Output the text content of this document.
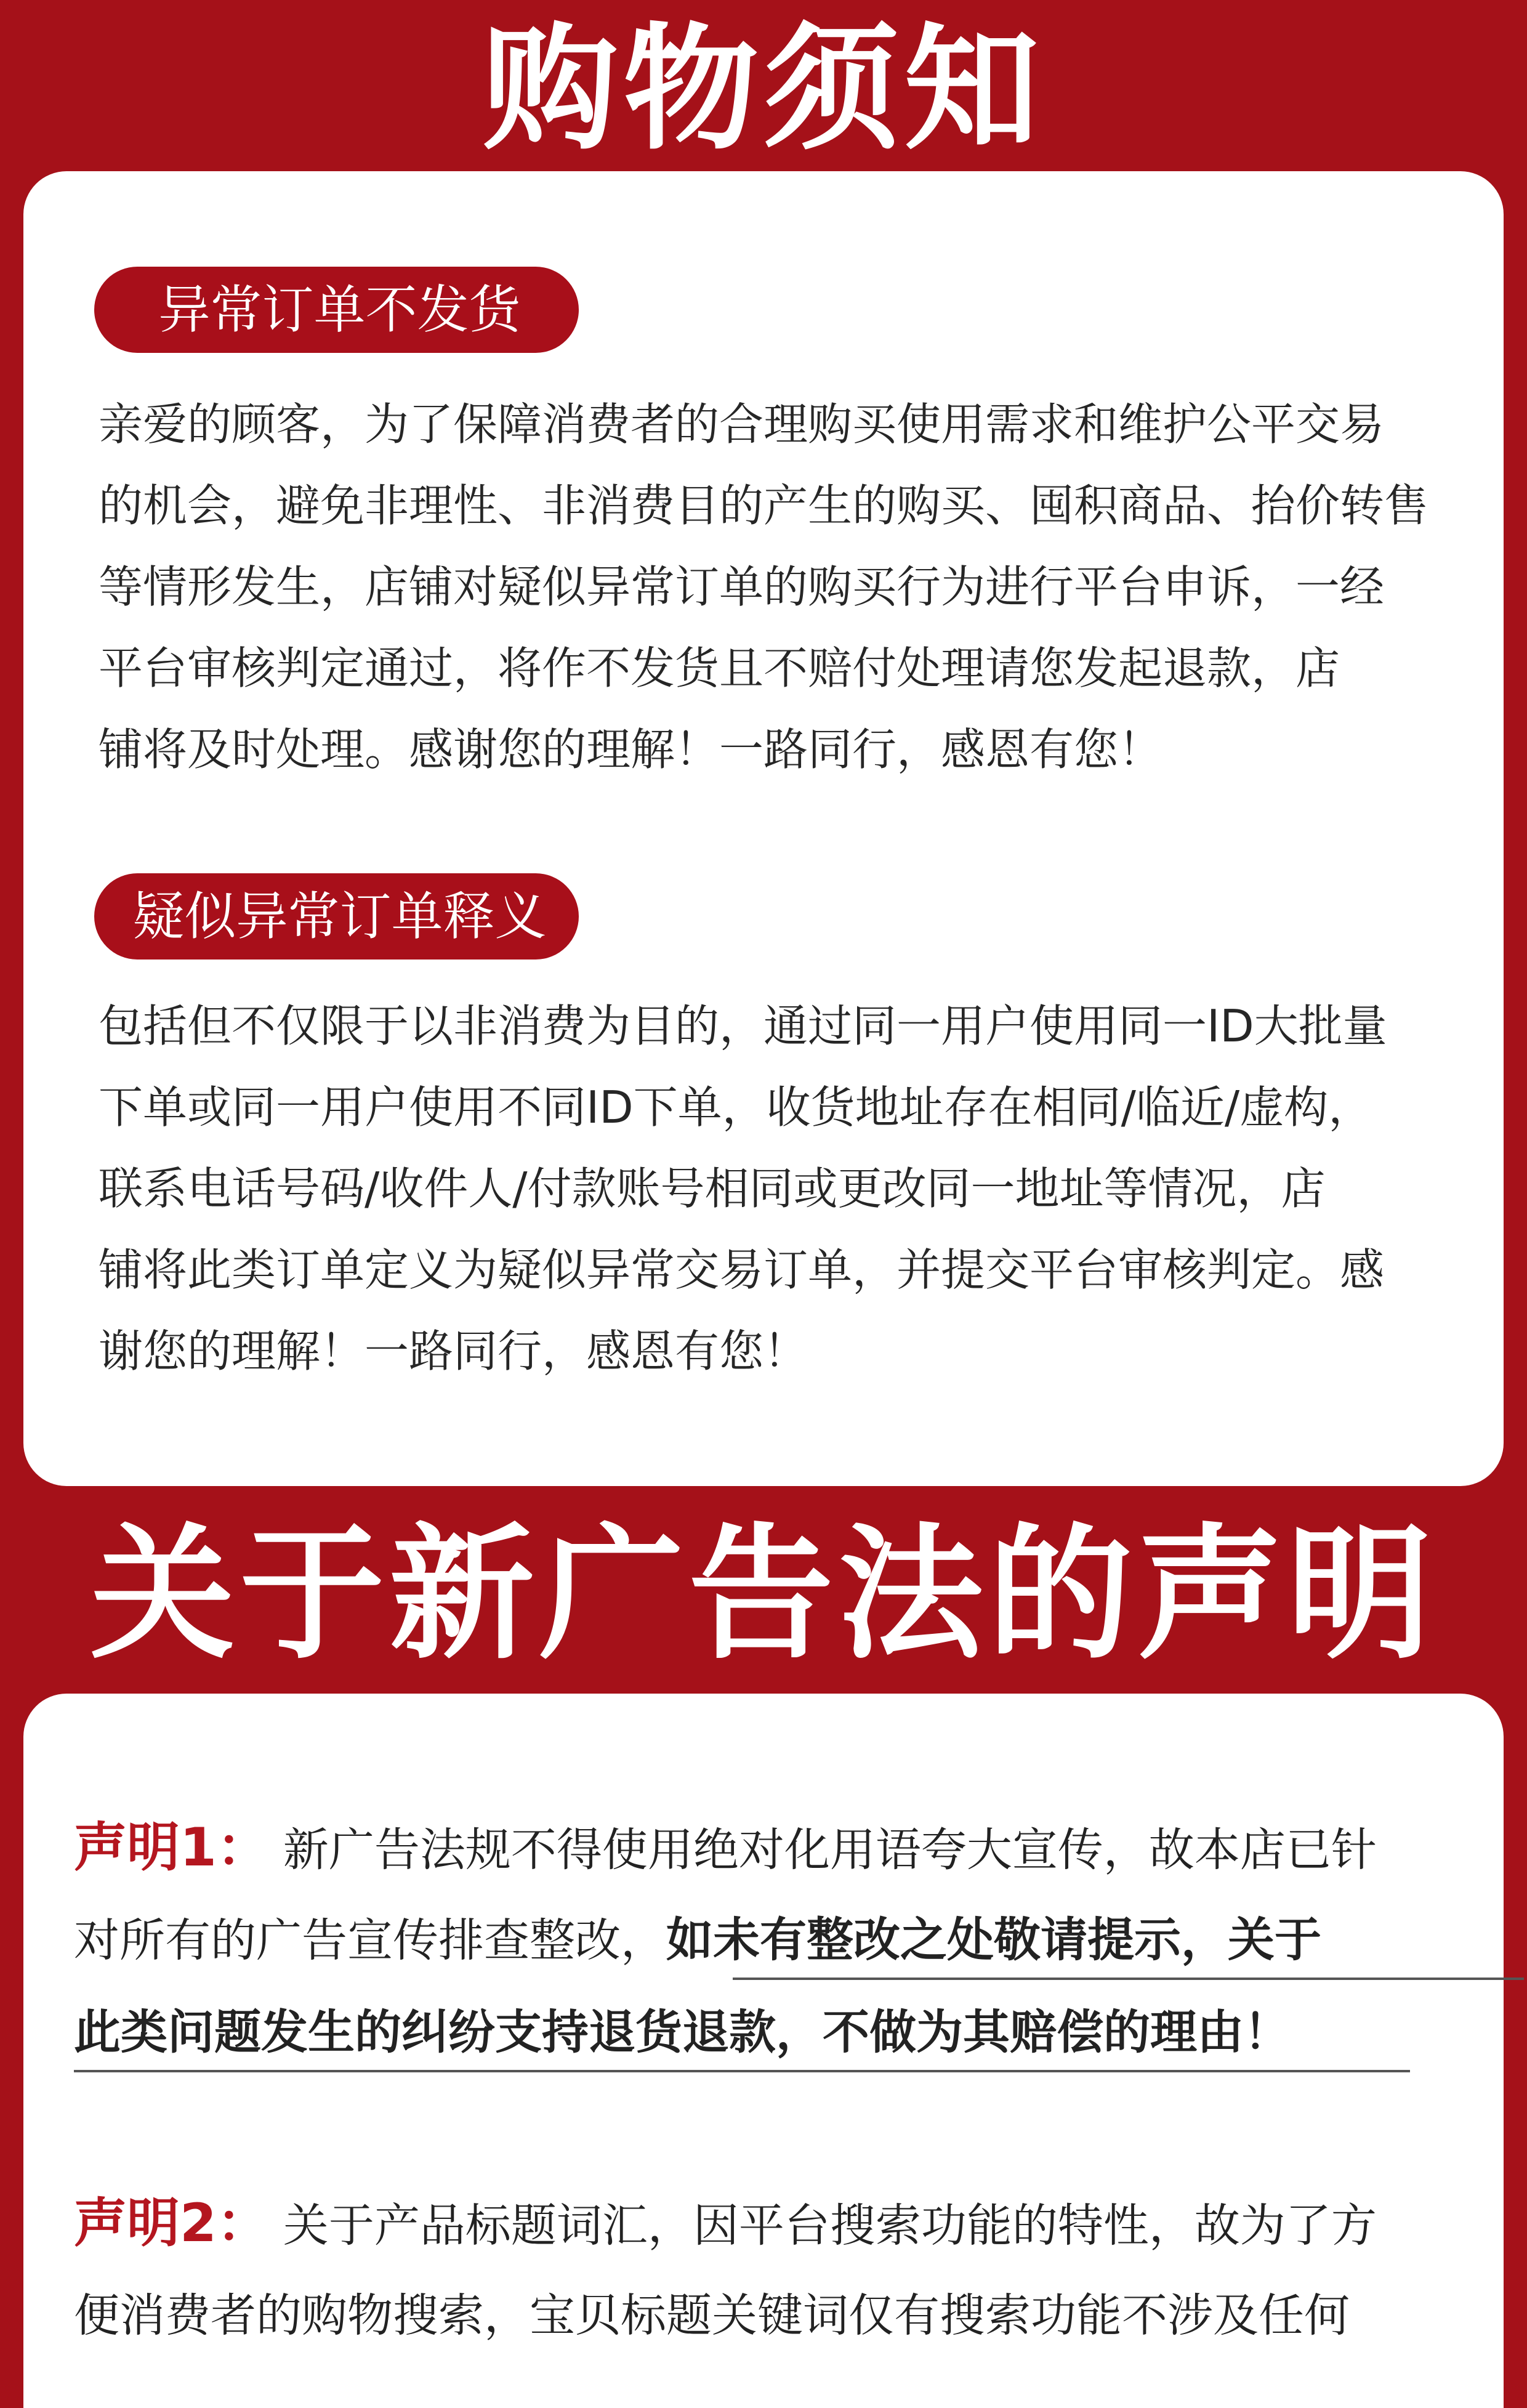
购物须知
异常订单不发货
亲爱的顾客，为了保障消费者的合理购买使用需求和维护公平交易
的机会，避免非理性、非消费目的产生的购买、囤积商品、抬价转售
等情形发生，店铺对疑似异常订单的购买行为进行平台申诉，一经
平台审核判定通过，将作不发货且不赔付处理请您发起退款，店
铺将及时处理。感谢您的理解！一路同行，感恩有您！
疑似异常订单释义
包括但不仅限于以非消费为目的，通过同一用户使用同一ID大批量
下单或同一用户使用不同ID下单，收货地址存在相同/临近/虚构，
联系电话号码/收件人/付款账号相同或更改同一地址等情况，店
铺将此类订单定义为疑似异常交易订单，并提交平台审核判定。感
谢您的理解！一路同行，感恩有您！
关于新广告法的声明
声明1： 新广告法规不得使用绝对化用语夸大宣传，故本店已针
对所有的广告宣传排查整改，如未有整改之处敬请提示，关于
此类问题发生的纠纷支持退货退款，不做为其赔偿的理由！
声明2： 关于产品标题词汇，因平台搜索功能的特性，故为了方
便消费者的购物搜索，宝贝标题关键词仅有搜索功能不涉及任何
